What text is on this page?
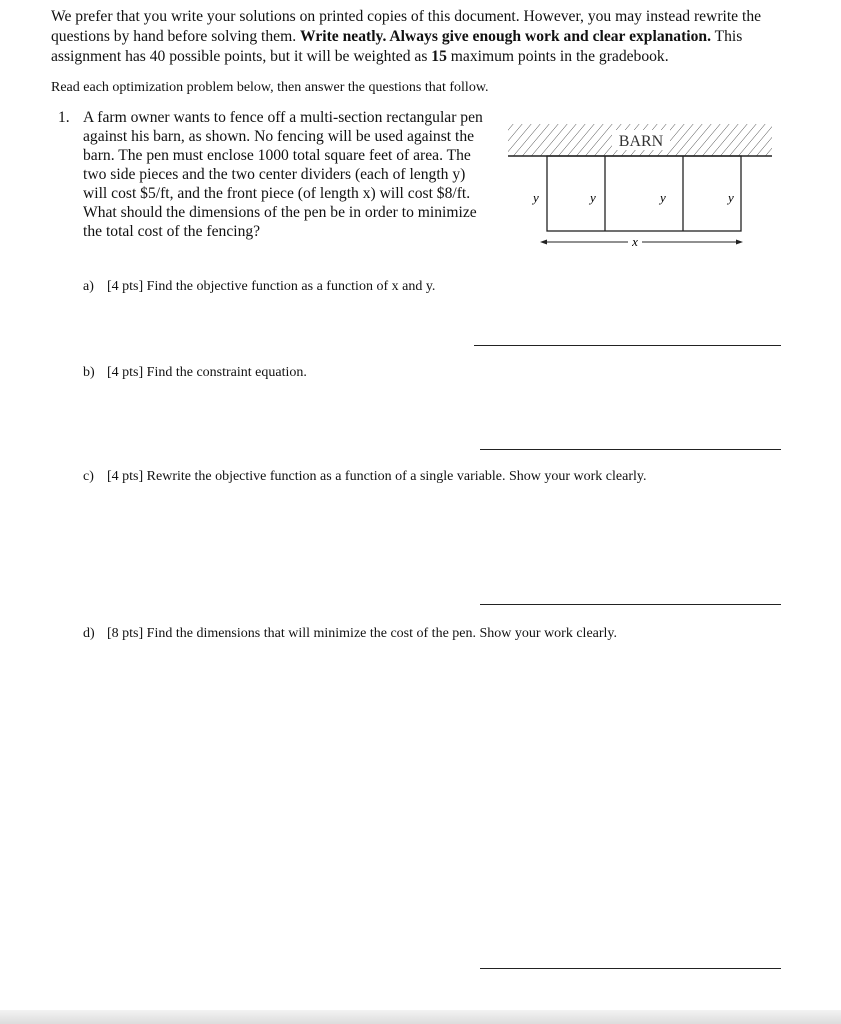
We prefer that you write your solutions on printed copies of this document. However, you may instead rewrite the questions by hand before solving them. Write neatly. Always give enough work and clear explanation. This assignment has 40 possible points, but it will be weighted as 15 maximum points in the gradebook.
Read each optimization problem below, then answer the questions that follow.
1. A farm owner wants to fence off a multi-section rectangular pen against his barn, as shown. No fencing will be used against the barn. The pen must enclose 1000 total square feet of area. The two side pieces and the two center dividers (each of length y) will cost $5/ft, and the front piece (of length x) will cost $8/ft. What should the dimensions of the pen be in order to minimize the total cost of the fencing?
BARN
y	y	y	y
x
a) [4 pts] Find the objective function as a function of x and y.
b) [4 pts] Find the constraint equation.
c) [4 pts] Rewrite the objective function as a function of a single variable. Show your work clearly.
d) [8 pts] Find the dimensions that will minimize the cost of the pen. Show your work clearly.
